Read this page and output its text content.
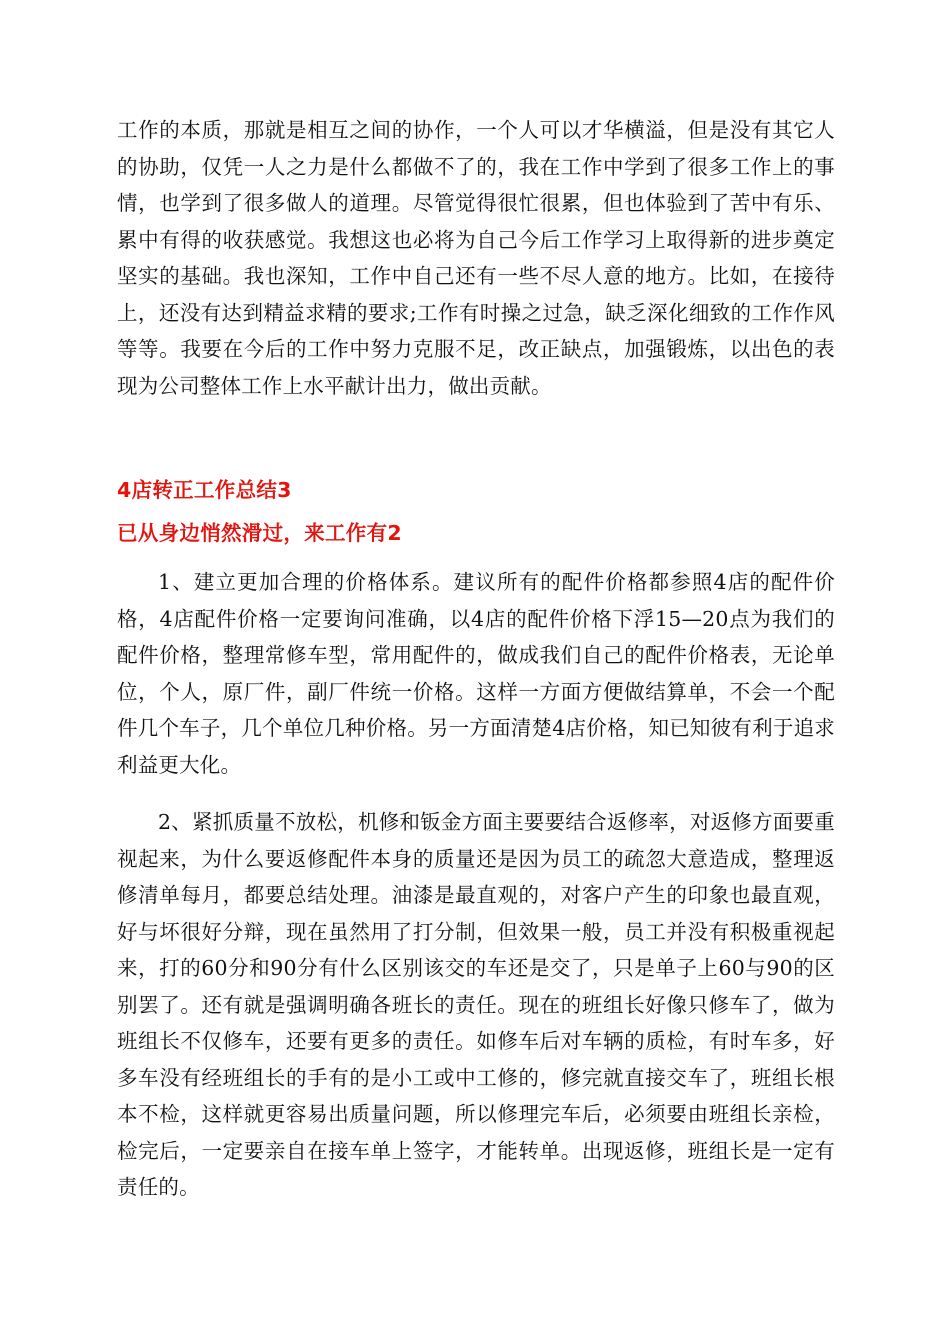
工作的本质，那就是相互之间的协作，一个人可以才华横溢，但是没有其它人的协助，仅凭一人之力是什么都做不了的，我在工作中学到了很多工作上的事情，也学到了很多做人的道理。尽管觉得很忙很累，但也体验到了苦中有乐、累中有得的收获感觉。我想这也必将为自己今后工作学习上取得新的进步奠定坚实的基础。我也深知，工作中自己还有一些不尽人意的地方。比如，在接待上，还没有达到精益求精的要求;工作有时操之过急，缺乏深化细致的工作作风等等。我要在今后的工作中努力克服不足，改正缺点，加强锻炼，以出色的表现为公司整体工作上水平献计出力，做出贡献。
4店转正工作总结3
已从身边悄然滑过，来工作有2
1、建立更加合理的价格体系。建议所有的配件价格都参照4店的配件价格，4店配件价格一定要询问准确，以4店的配件价格下浮15—20点为我们的配件价格，整理常修车型，常用配件的，做成我们自己的配件价格表，无论单位，个人，原厂件，副厂件统一价格。这样一方面方便做结算单，不会一个配件几个车子，几个单位几种价格。另一方面清楚4店价格，知已知彼有利于追求利益更大化。
2、紧抓质量不放松，机修和钣金方面主要要结合返修率，对返修方面要重视起来，为什么要返修配件本身的质量还是因为员工的疏忽大意造成，整理返修清单每月，都要总结处理。油漆是最直观的，对客户产生的印象也最直观，好与坏很好分辩，现在虽然用了打分制，但效果一般，员工并没有积极重视起来，打的60分和90分有什么区别该交的车还是交了，只是单子上60与90的区别罢了。还有就是强调明确各班长的责任。现在的班组长好像只修车了，做为班组长不仅修车，还要有更多的责任。如修车后对车辆的质检，有时车多，好多车没有经班组长的手有的是小工或中工修的，修完就直接交车了，班组长根本不检，这样就更容易出质量问题，所以修理完车后，必须要由班组长亲检，检完后，一定要亲自在接车单上签字，才能转单。出现返修，班组长是一定有责任的。
